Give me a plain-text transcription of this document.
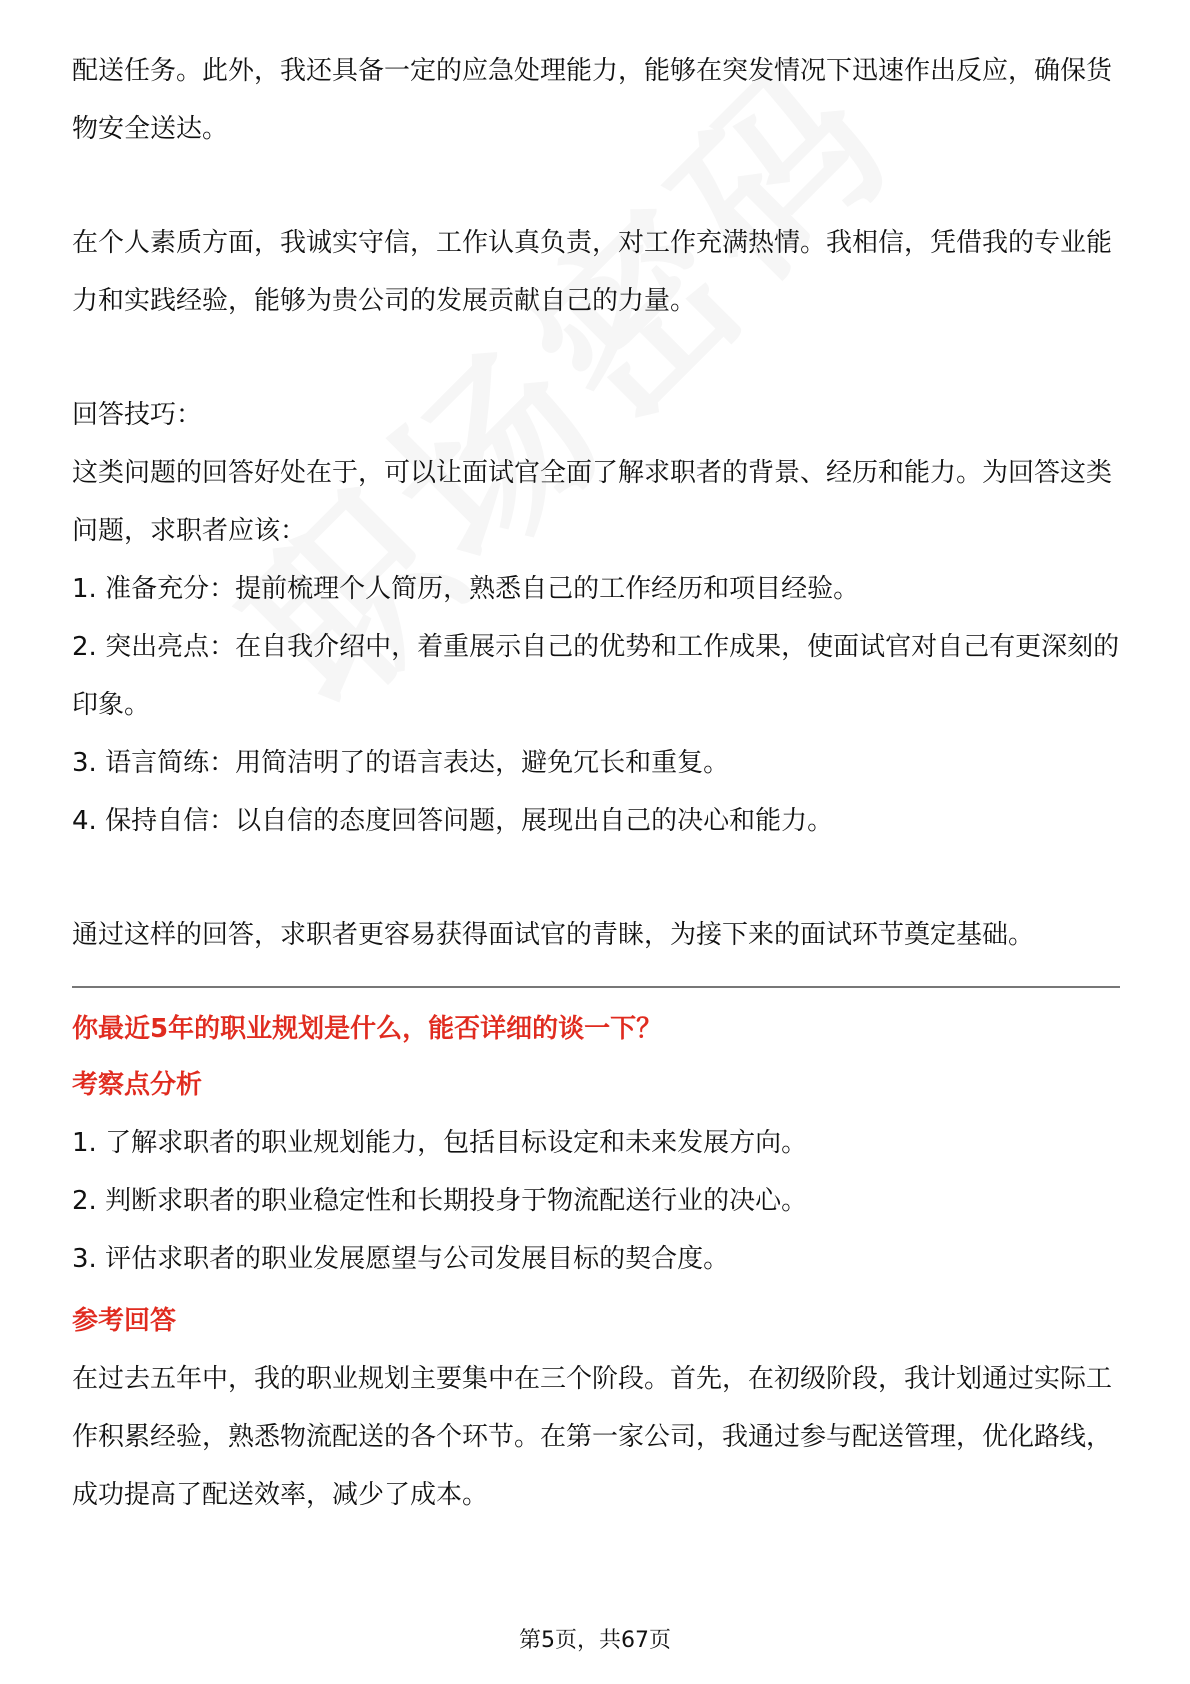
配送任务。此外，我还具备一定的应急处理能力，能够在突发情况下迅速作出反应，确保货物安全送达。

在个人素质方面，我诚实守信，工作认真负责，对工作充满热情。我相信，凭借我的专业能力和实践经验，能够为贵公司的发展贡献自己的力量。

回答技巧：

这类问题的回答好处在于，可以让面试官全面了解求职者的背景、经历和能力。为回答这类问题，求职者应该：

1. 准备充分：提前梳理个人简历，熟悉自己的工作经历和项目经验。

2. 突出亮点：在自我介绍中，着重展示自己的优势和工作成果，使面试官对自己有更深刻的印象。

3. 语言简练：用简洁明了的语言表达，避免冗长和重复。

4. 保持自信：以自信的态度回答问题，展现出自己的决心和能力。

通过这样的回答，求职者更容易获得面试官的青睐，为接下来的面试环节奠定基础。

你最近5年的职业规划是什么，能否详细的谈一下？

考察点分析

1. 了解求职者的职业规划能力，包括目标设定和未来发展方向。

2. 判断求职者的职业稳定性和长期投身于物流配送行业的决心。

3. 评估求职者的职业发展愿望与公司发展目标的契合度。

参考回答

在过去五年中，我的职业规划主要集中在三个阶段。首先，在初级阶段，我计划通过实际工作积累经验，熟悉物流配送的各个环节。在第一家公司，我通过参与配送管理，优化路线，成功提高了配送效率，减少了成本。

第5页，共67页
